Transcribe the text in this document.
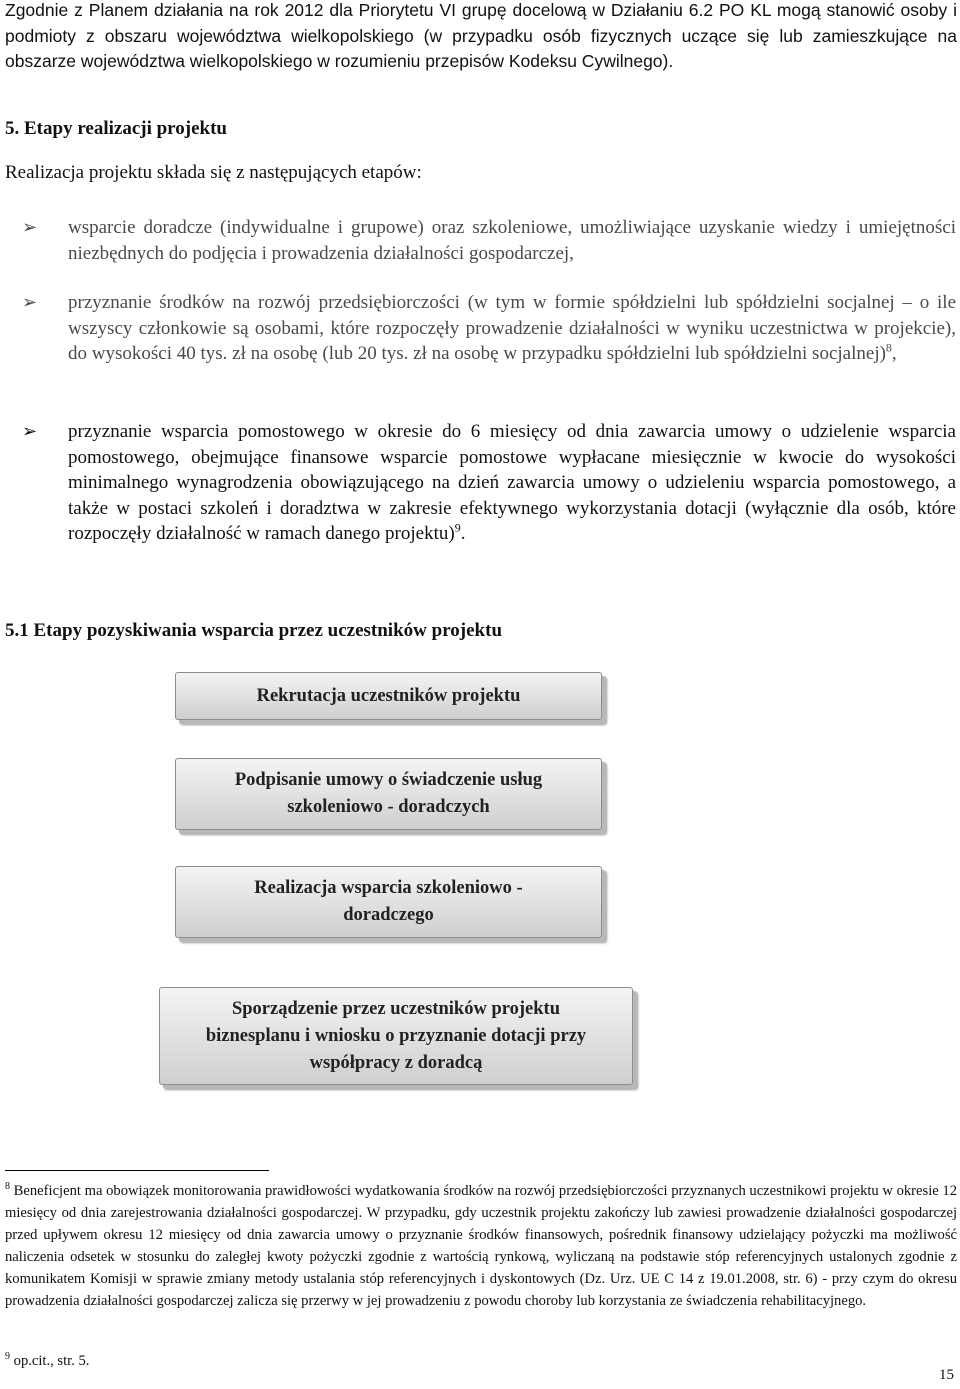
Zgodnie z Planem działania na rok 2012 dla Priorytetu VI grupę docelową w Działaniu 6.2 PO KL mogą stanowić osoby i podmioty z obszaru województwa wielkopolskiego (w przypadku osób fizycznych uczące się lub zamieszkujące na obszarze województwa wielkopolskiego w rozumieniu przepisów Kodeksu Cywilnego).

5. Etapy realizacji projektu

Realizacja projektu składa się z następujących etapów:

➢ wsparcie doradcze (indywidualne i grupowe) oraz szkoleniowe, umożliwiające uzyskanie wiedzy i umiejętności niezbędnych do podjęcia i prowadzenia działalności gospodarczej,

➢ przyznanie środków na rozwój przedsiębiorczości (w tym w formie spółdzielni lub spółdzielni socjalnej – o ile wszyscy członkowie są osobami, które rozpoczęły prowadzenie działalności w wyniku uczestnictwa w projekcie), do wysokości 40 tys. zł na osobę (lub 20 tys. zł na osobę w przypadku spółdzielni lub spółdzielni socjalnej)$^8$,

➢ przyznanie wsparcia pomostowego w okresie do 6 miesięcy od dnia zawarcia umowy o udzielenie wsparcia pomostowego, obejmujące finansowe wsparcie pomostowe wypłacane miesięcznie w kwocie do wysokości minimalnego wynagrodzenia obowiązującego na dzień zawarcia umowy o udzieleniu wsparcia pomostowego, a także w postaci szkoleń i doradztwa w zakresie efektywnego wykorzystania dotacji (wyłącznie dla osób, które rozpoczęły działalność w ramach danego projektu)$^9$.

5.1 Etapy pozyskiwania wsparcia przez uczestników projektu
Rekrutacja uczestników projektu
Podpisanie umowy o świadczenie usług
szkoleniowo - doradczych
Realizacja wsparcia szkoleniowo -
doradczego
Sporządzenie przez uczestników projektu
biznesplanu i wniosku o przyznanie dotacji przy
współpracy z doradcą

$^8$ Beneficjent ma obowiązek monitorowania prawidłowości wydatkowania środków na rozwój przedsiębiorczości przyznanych uczestnikowi projektu w okresie 12 miesięcy od dnia zarejestrowania działalności gospodarczej. W przypadku, gdy uczestnik projektu zakończy lub zawiesi prowadzenie działalności gospodarczej przed upływem okresu 12 miesięcy od dnia zawarcia umowy o przyznanie środków finansowych, pośrednik finansowy udzielający pożyczki ma możliwość naliczenia odsetek w stosunku do zaległej kwoty pożyczki zgodnie z wartością rynkową, wyliczaną na podstawie stóp referencyjnych ustalonych zgodnie z komunikatem Komisji w sprawie zmiany metody ustalania stóp referencyjnych i dyskontowych (Dz. Urz. UE C 14 z 19.01.2008, str. 6) - przy czym do okresu prowadzenia działalności gospodarczej zalicza się przerwy w jej prowadzeniu z powodu choroby lub korzystania ze świadczenia rehabilitacyjnego.

$^9$ op.cit., str. 5.

15
